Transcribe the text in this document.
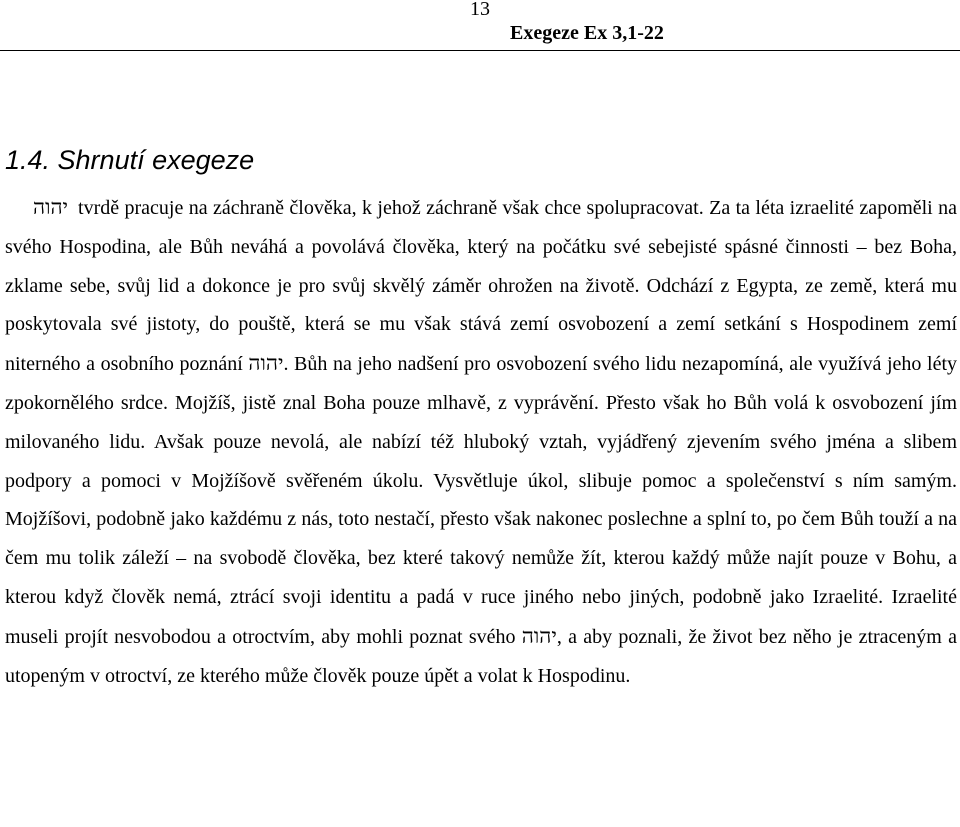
13
Exegeze Ex 3,1-22
1.4. Shrnutí exegeze

יהוה tvrdě pracuje na záchraně člověka, k jehož záchraně však chce spolupracovat. Za ta léta izraelité zapoměli na svého Hospodina, ale Bůh neváhá a povolává člověka, který na počátku své sebejisté spásné činnosti – bez Boha, zklame sebe, svůj lid a dokonce je pro svůj skvělý záměr ohrožen na životě. Odchází z Egypta, ze země, která mu poskytovala své jistoty, do pouště, která se mu však stává zemí osvobození a zemí setkání s Hospodinem zemí niterného a osobního poznání יהוה. Bůh na jeho nadšení pro osvobození svého lidu nezapomíná, ale využívá jeho léty zpokornělého srdce. Mojžíš, jistě znal Boha pouze mlhavě, z vyprávění. Přesto však ho Bůh volá k osvobození jím milovaného lidu. Avšak pouze nevolá, ale nabízí též hluboký vztah, vyjádřený zjevením svého jména a slibem podpory a pomoci v Mojžíšově svěřeném úkolu. Vysvětluje úkol, slibuje pomoc a společenství s ním samým. Mojžíšovi, podobně jako každému z nás, toto nestačí, přesto však nakonec poslechne a splní to, po čem Bůh touží a na čem mu tolik záleží – na svobodě člověka, bez které takový nemůže žít, kterou každý může najít pouze v Bohu, a kterou když člověk nemá, ztrácí svoji identitu a padá v ruce jiného nebo jiných, podobně jako Izraelité. Izraelité museli projít nesvobodou a otroctvím, aby mohli poznat svého יהוה, a aby poznali, že život bez něho je ztraceným a utopeným v otroctví, ze kterého může člověk pouze úpět a volat k Hospodinu.
